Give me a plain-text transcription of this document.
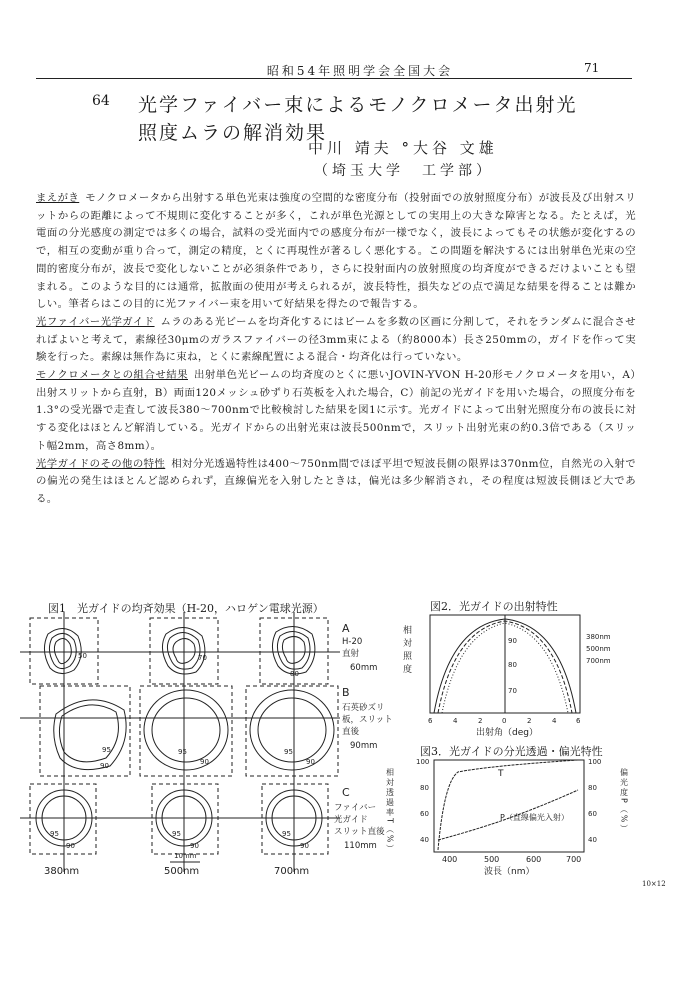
昭和54年照明学会全国大会	71
64 光学ファイバー束によるモノクロメータ出射光
照度ムラの解消効果
中川 靖夫 °大谷 文雄
（埼玉大学　工学部）

まえがき モノクロメータから出射する単色光束は強度の空間的な密度分布（投射面での放射照度分布）が波長及び出射スリットからの距離によって不規則に変化することが多く，これが単色光源としての実用上の大きな障害となる。たとえば，光電面の分光感度の測定では多くの場合，試料の受光面内での感度分布が一様でなく，波長によってもその状態が変化するので，相互の変動が重り合って，測定の精度，とくに再現性が著るしく悪化する。この問題を解決するには出射単色光束の空間的密度分布が，波長で変化しないことが必須条件であり，さらに投射面内の放射照度の均斉度ができるだけよいことも望まれる。このような目的には通常，拡散面の使用が考えられるが，波長特性，損失などの点で満足な結果を得ることは難かしい。筆者らはこの目的に光ファイバー束を用いて好結果を得たので報告する。

光ファイバー光学ガイド ムラのある光ビームを均斉化するにはビームを多数の区画に分割して，それをランダムに混合させればよいと考えて，素線径30μmのガラスファイバーの径3mm束による（約8000本）長さ250mmの，ガイドを作って実験を行った。素線は無作為に束ね，とくに素線配置による混合・均斉化は行っていない。

モノクロメータとの組合せ結果 出射単色光ビームの均斉度のとくに悪いJOVIN-YVON H-20形モノクロメータを用い，A）出射スリットから直射，B）両面120メッシュ砂ずり石英板を入れた場合，C）前記の光ガイドを用いた場合，の照度分布を1.3°の受光器で走査して波長380～700nmで比較検討した結果を図1に示す。光ガイドによって出射光照度分布の波長に対する変化はほとんど解消している。光ガイドからの出射光束は波長500nmで，スリット出射光束の約0.3倍である（スリット幅2mm，高さ8mm）。

光学ガイドのその他の特性 相対分光透過特性は400～750nm間でほぼ平坦で短波長側の限界は370nm位，自然光の入射での偏光の発生はほとんど認められず，直線偏光を入射したときは，偏光は多少解消され，その程度は短波長側ほど大である。

図1　光ガイドの均斉効果（H-20，ハロゲン電球光源）
50	70
80
95
90
95
90
95
90
95
90
95
90
95
90
A
H-20
直射
60mm
B
石英砂ズリ
板，スリット
直後
90mm
C
ファイバー
光ガイド
スリット直後
110mm
10mm
380nm	500nm	700nm
図2．光ガイドの出射特性
相対照度	90
80
70
6	4	2	0	2	4	6
出射角（deg）
380nm
500nm
700nm
図3．光ガイドの分光透過・偏光特性
相対透過率T（%）	偏光度P（%）
100
80
60
40
100
80
60
40
400	500	600	700
波長（nm）
T
P（直線偏光入射）
10×12
